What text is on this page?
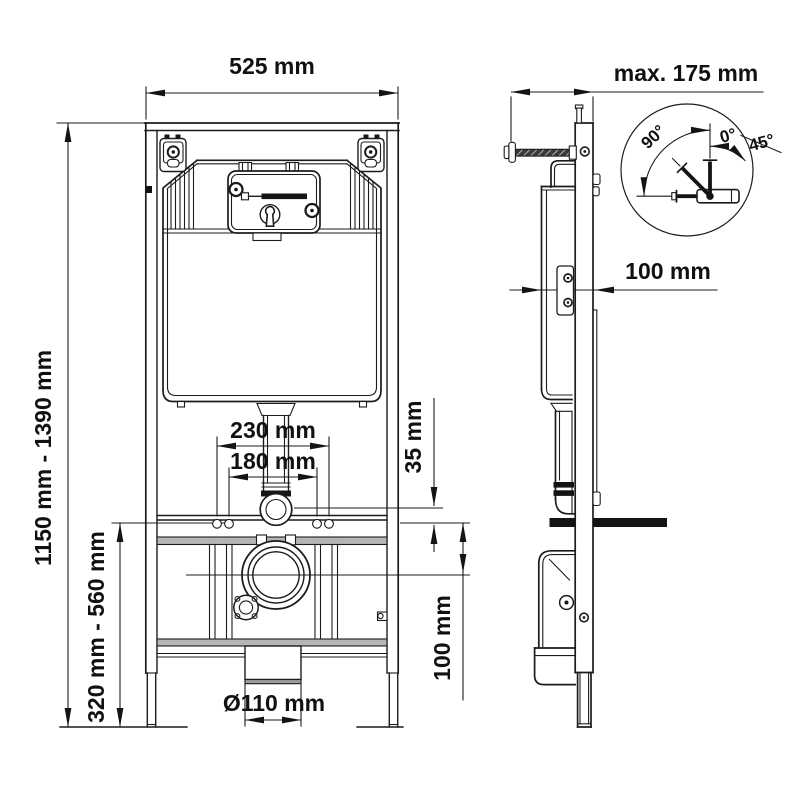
525 mm
1150 mm - 1390 mm
320 mm - 560 mm
230 mm
180 mm	35 mm
100 mm
Ø110 mm
max. 175 mm
100 mm
90°	0° 45°
